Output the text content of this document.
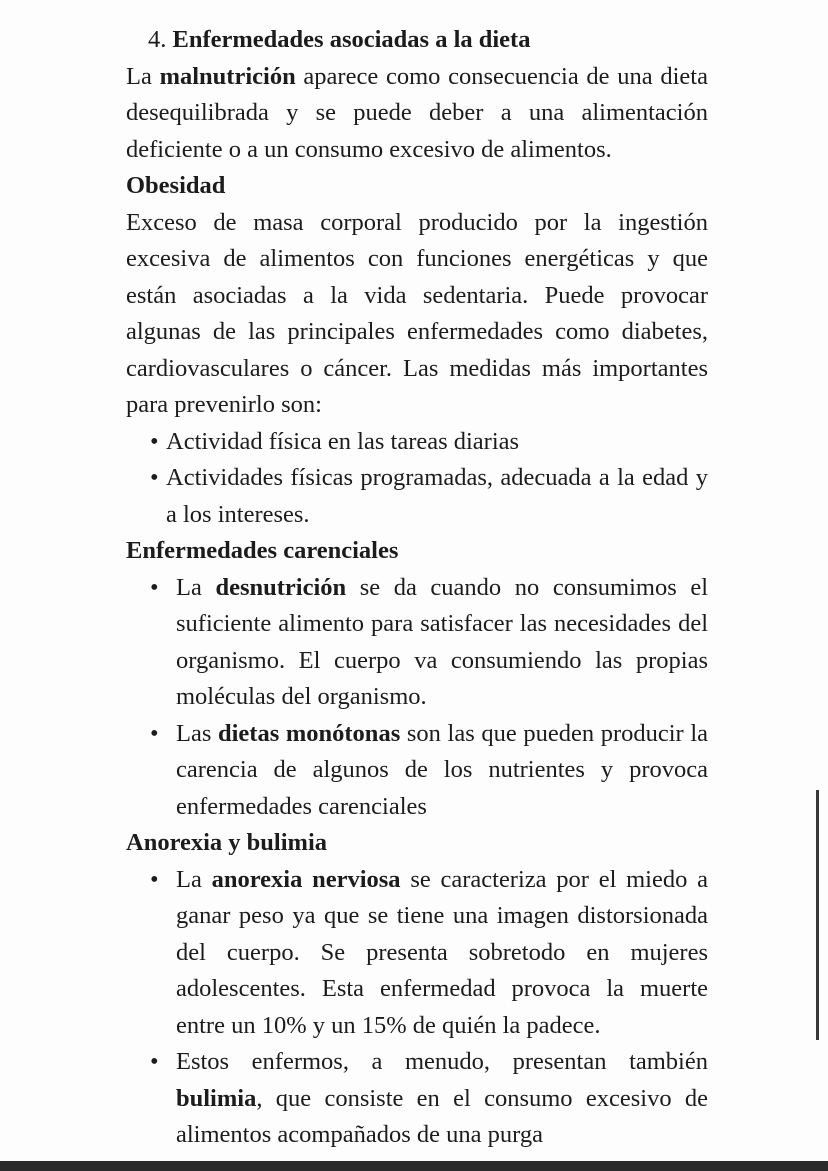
4. Enfermedades asociadas a la dieta
La malnutrición aparece como consecuencia de una dieta desequilibrada y se puede deber a una alimentación deficiente o a un consumo excesivo de alimentos.
Obesidad
Exceso de masa corporal producido por la ingestión excesiva de alimentos con funciones energéticas y que están asociadas a la vida sedentaria. Puede provocar algunas de las principales enfermedades como diabetes, cardiovasculares o cáncer. Las medidas más importantes para prevenirlo son:
• Actividad física en las tareas diarias
• Actividades físicas programadas, adecuada a la edad y a los intereses.
Enfermedades carenciales
• La desnutrición se da cuando no consumimos el suficiente alimento para satisfacer las necesidades del organismo. El cuerpo va consumiendo las propias moléculas del organismo.
• Las dietas monótonas son las que pueden producir la carencia de algunos de los nutrientes y provoca enfermedades carenciales
Anorexia y bulimia
• La anorexia nerviosa se caracteriza por el miedo a ganar peso ya que se tiene una imagen distorsionada del cuerpo. Se presenta sobretodo en mujeres adolescentes. Esta enfermedad provoca la muerte entre un 10% y un 15% de quién la padece.
• Estos enfermos, a menudo, presentan también bulimia, que consiste en el consumo excesivo de alimentos acompañados de una purga
